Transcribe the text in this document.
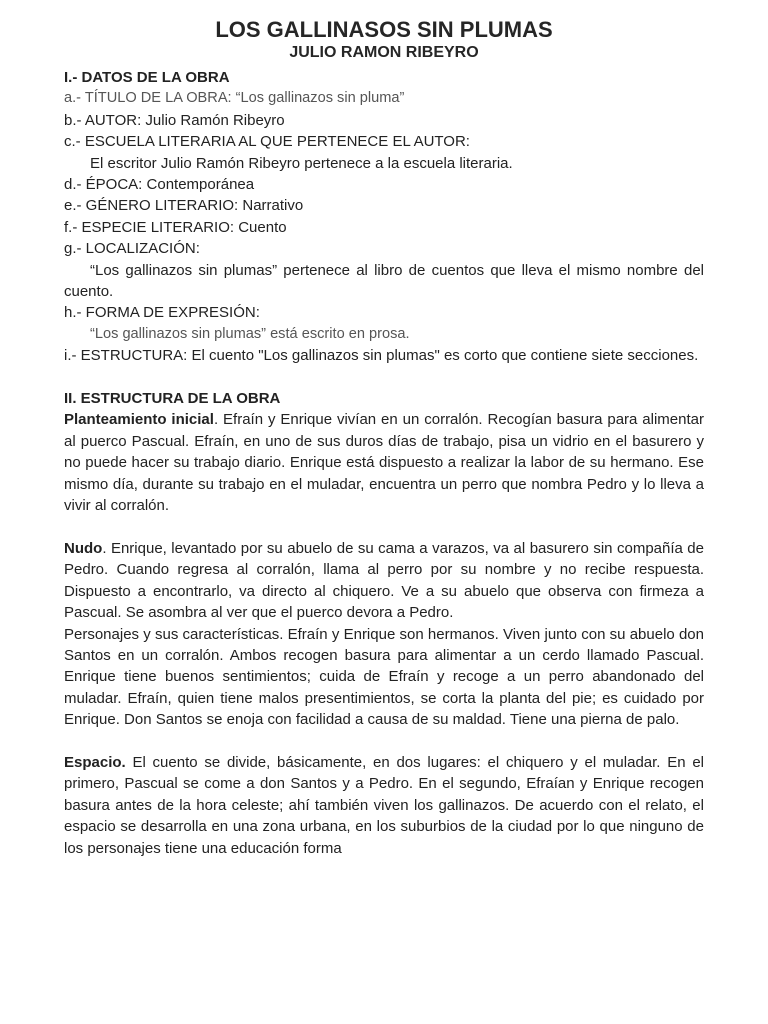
LOS GALLINASOS SIN PLUMAS
JULIO RAMON RIBEYRO

I.- DATOS DE LA OBRA

a.- TÍTULO DE LA OBRA: “Los gallinazos sin pluma”

b.- AUTOR: Julio Ramón Ribeyro

c.- ESCUELA LITERARIA AL QUE PERTENECE EL AUTOR:

El escritor Julio Ramón Ribeyro pertenece a la escuela literaria.

d.- ÉPOCA: Contemporánea

e.- GÉNERO LITERARIO: Narrativo

f.- ESPECIE LITERARIO: Cuento

g.- LOCALIZACIÓN:

“Los gallinazos sin plumas” pertenece al libro de cuentos que lleva el mismo nombre del cuento.

h.- FORMA DE EXPRESIÓN:

“Los gallinazos sin plumas” está escrito en prosa.

i.- ESTRUCTURA: El cuento "Los gallinazos sin plumas" es corto que contiene siete secciones.

II. ESTRUCTURA DE LA OBRA

Planteamiento inicial. Efraín y Enrique vivían en un corralón. Recogían basura para alimentar al puerco Pascual. Efraín, en uno de sus duros días de trabajo, pisa un vidrio en el basurero y no puede hacer su trabajo diario. Enrique está dispuesto a realizar la labor de su hermano. Ese mismo día, durante su trabajo en el muladar, encuentra un perro que nombra Pedro y lo lleva a vivir al corralón.

Nudo. Enrique, levantado por su abuelo de su cama a varazos, va al basurero sin compañía de Pedro. Cuando regresa al corralón, llama al perro por su nombre y no recibe respuesta. Dispuesto a encontrarlo, va directo al chiquero. Ve a su abuelo que observa con firmeza a Pascual. Se asombra al ver que el puerco devora a Pedro.

Personajes y sus características. Efraín y Enrique son hermanos. Viven junto con su abuelo don Santos en un corralón. Ambos recogen basura para alimentar a un cerdo llamado Pascual. Enrique tiene buenos sentimientos; cuida de Efraín y recoge a un perro abandonado del muladar. Efraín, quien tiene malos presentimientos, se corta la planta del pie; es cuidado por Enrique. Don Santos se enoja con facilidad a causa de su maldad. Tiene una pierna de palo.

Espacio. El cuento se divide, básicamente, en dos lugares: el chiquero y el muladar. En el primero, Pascual se come a don Santos y a Pedro. En el segundo, Efraían y Enrique recogen basura antes de la hora celeste; ahí también viven los gallinazos. De acuerdo con el relato, el espacio se desarrolla en una zona urbana, en los suburbios de la ciudad por lo que ninguno de los personajes tiene una educación forma
